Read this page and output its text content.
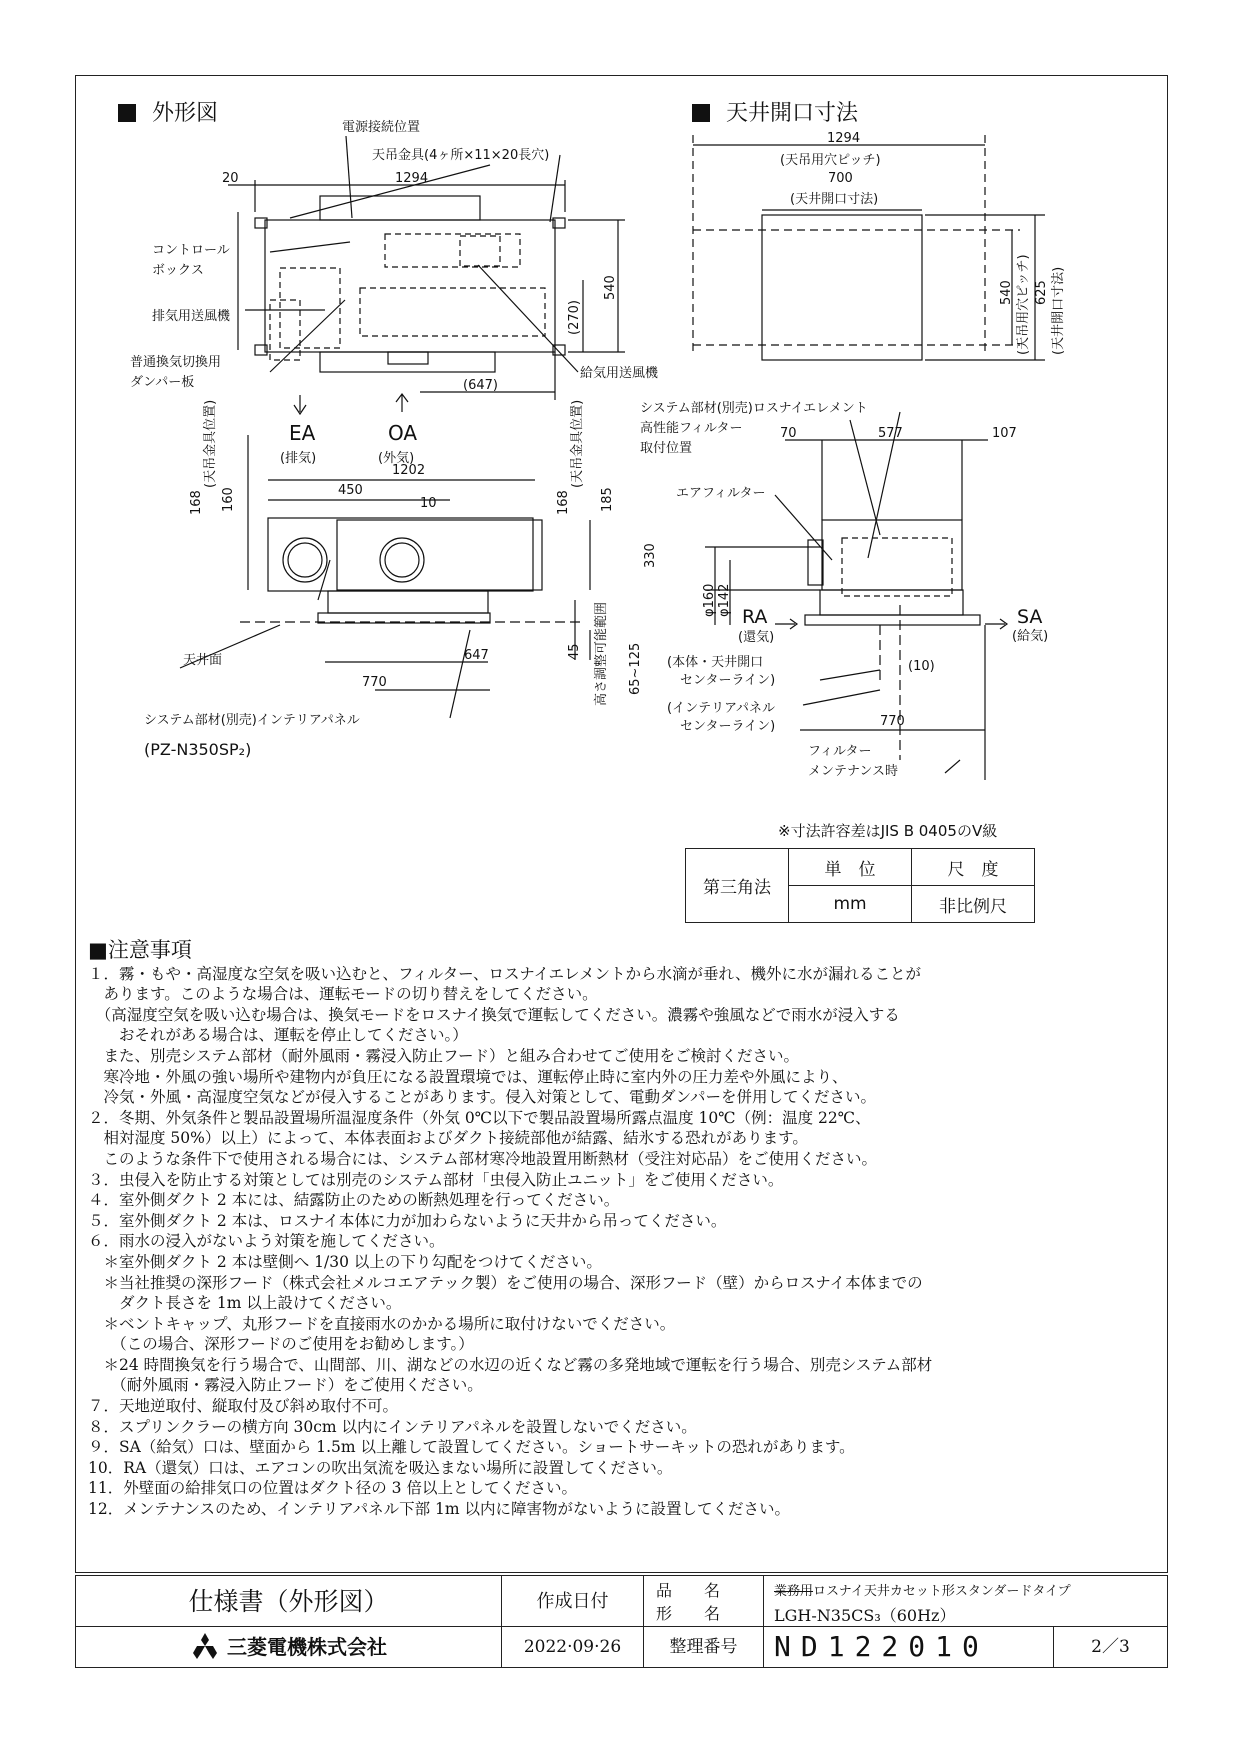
外形図	天井開口寸法
電源接続位置
天吊金具(4ヶ所×11×20長穴)
20	1294
コントロール
ボックス
排気用送風機
普通換気切換用
ダンパー板
給気用送風機
540
(270)
(647)
1294
(天吊用穴ピッチ)
700
(天井開口寸法)
540 (天吊用穴ピッチ) 625 (天井開口寸法)
EA
(排気)
OA
(外気)
(天吊金具位置)
168 160
(天吊金具位置)
168 185
450
1202
10
330
647	45 高さ調整可能範囲 65~125
770
天井面
システム部材(別売)インテリアパネル
(PZ-N350SP₂)
システム部材(別売)ロスナイエレメント
高性能フィルター
取付位置
70	577	107
エアフィルター
φ160 φ142 RA
(還気)
SA
(給気)
(本体・天井開口
センターライン)
(10)
(インテリアパネル
センターライン)	770
フィルター
メンテナンス時
※寸法許容差はJIS B 0405のV級
第三角法	単　位	尺　度
	mm	非比例尺
■注意事項
１．霧・もや・高湿度な空気を吸い込むと、フィルター、ロスナイエレメントから水滴が垂れ、機外に水が漏れることが
　あります。このような場合は、運転モードの切り替えをしてください。
　（高湿度空気を吸い込む場合は、換気モードをロスナイ換気で運転してください。濃霧や強風などで雨水が浸入する
　　おそれがある場合は、運転を停止してください。）
　また、別売システム部材（耐外風雨・霧浸入防止フード）と組み合わせてご使用をご検討ください。
　寒冷地・外風の強い場所や建物内が負圧になる設置環境では、運転停止時に室内外の圧力差や外風により、
　冷気・外風・高湿度空気などが侵入することがあります。侵入対策として、電動ダンパーを併用してください。
２．冬期、外気条件と製品設置場所温湿度条件（外気 0℃以下で製品設置場所露点温度 10℃（例：温度 22℃、
　相対湿度 50%）以上）によって、本体表面およびダクト接続部他が結露、結氷する恐れがあります。
　このような条件下で使用される場合には、システム部材寒冷地設置用断熱材（受注対応品）をご使用ください。
３．虫侵入を防止する対策としては別売のシステム部材「虫侵入防止ユニット」をご使用ください。
４．室外側ダクト 2 本には、結露防止のための断熱処理を行ってください。
５．室外側ダクト 2 本は、ロスナイ本体に力が加わらないように天井から吊ってください。
６．雨水の浸入がないよう対策を施してください。
　＊室外側ダクト 2 本は壁側へ 1/30 以上の下り勾配をつけてください。
　＊当社推奨の深形フード（株式会社メルコエアテック製）をご使用の場合、深形フード（壁）からロスナイ本体までの
　　ダクト長さを 1m 以上設けてください。
　＊ベントキャップ、丸形フードを直接雨水のかかる場所に取付けないでください。
　　（この場合、深形フードのご使用をお勧めします。）
　＊24 時間換気を行う場合で、山間部、川、湖などの水辺の近くなど霧の多発地域で運転を行う場合、別売システム部材
　　（耐外風雨・霧浸入防止フード）をご使用ください。
７．天地逆取付、縦取付及び斜め取付不可。
８．スプリンクラーの横方向 30cm 以内にインテリアパネルを設置しないでください。
９．SA（給気）口は、壁面から 1.5m 以上離して設置してください。ショートサーキットの恐れがあります。
10．RA（還気）口は、エアコンの吹出気流を吸込まない場所に設置してください。
11．外壁面の給排気口の位置はダクト径の 3 倍以上としてください。
12．メンテナンスのため、インテリアパネル下部 1m 以内に障害物がないように設置してください。
仕様書（外形図）	作成日付
品　　名
形　　名
業務用ロスナイ天井カセット形スタンダードタイプ
LGH-N35CS₃（60Hz）
三菱電機株式会社	2022·09·26	整理番号	ND122010	2／3
